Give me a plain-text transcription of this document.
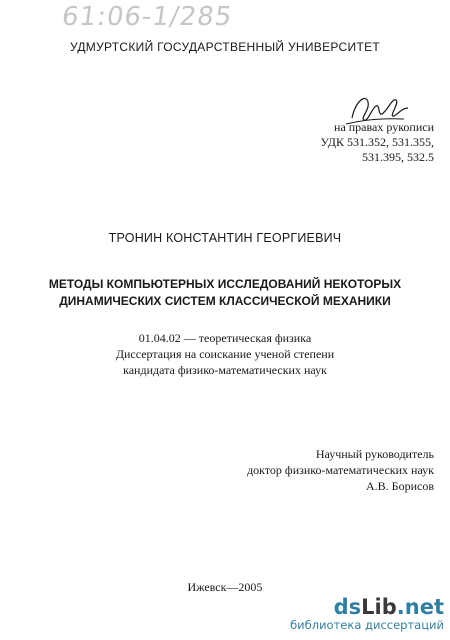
61:06-1/285
УДМУРТСКИЙ ГОСУДАРСТВЕННЫЙ УНИВЕРСИТЕТ
на правах рукописи
УДК 531.352, 531.355,
531.395, 532.5
ТРОНИН КОНСТАНТИН ГЕОРГИЕВИЧ
МЕТОДЫ КОМПЬЮТЕРНЫХ ИССЛЕДОВАНИЙ НЕКОТОРЫХ
ДИНАМИЧЕСКИХ СИСТЕМ КЛАССИЧЕСКОЙ МЕХАНИКИ
01.04.02 — теоретическая физика
Диссертация на соискание ученой степени
кандидата физико-математических наук
Научный руководитель
доктор физико-математических наук
А.В. Борисов
Ижевск—2005
dsLib.net
библиотека диссертаций
